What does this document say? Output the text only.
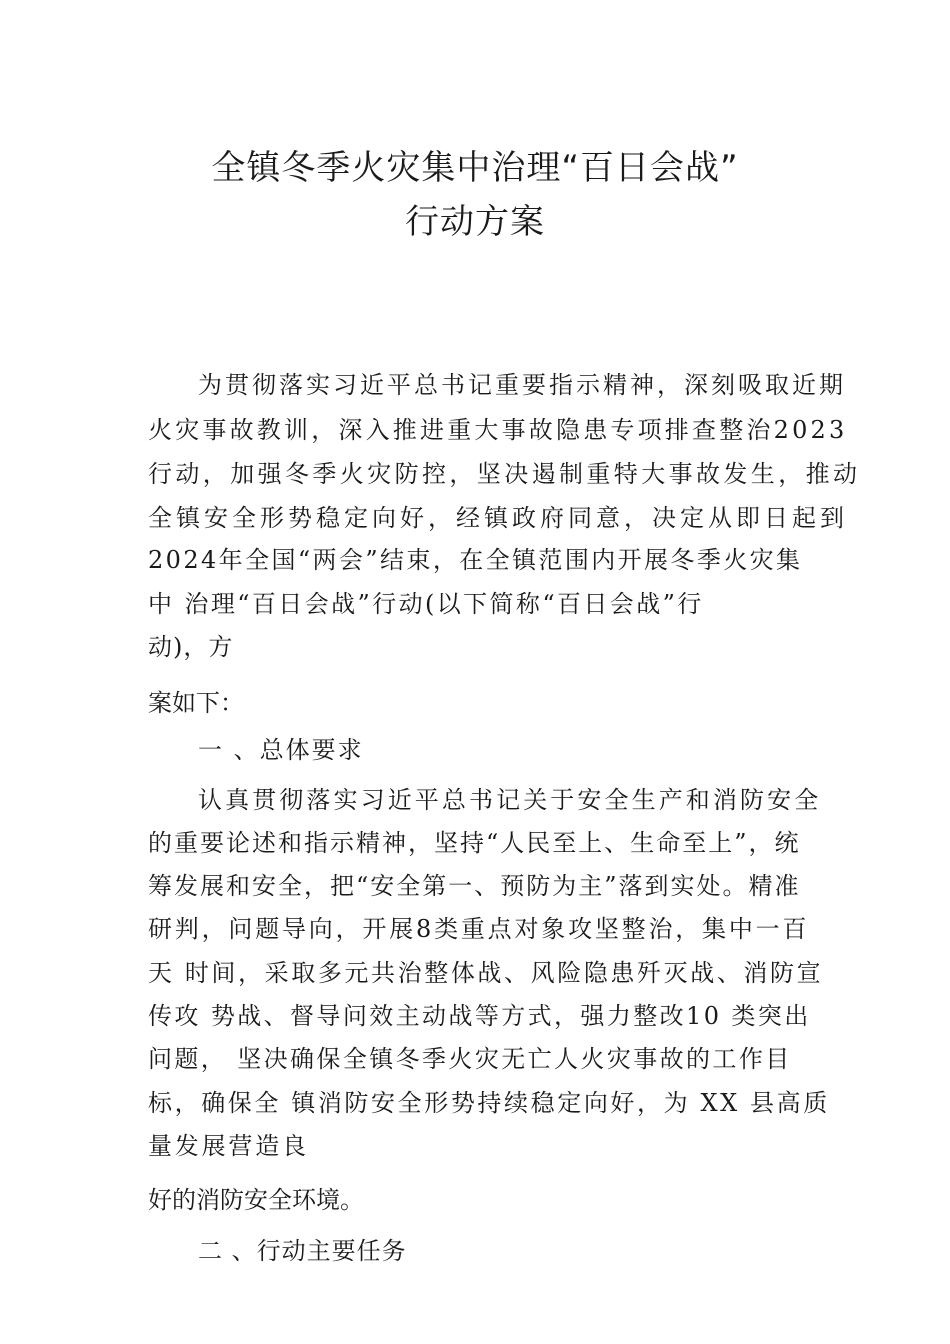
全镇冬季火灾集中治理“百日会战”
行动方案

为贯彻落实习近平总书记重要指示精神，深刻吸取近期

火灾事故教训，深入推进重大事故隐患专项排查整治2023

行动，加强冬季火灾防控，坚决遏制重特大事故发生，推动

全镇安全形势稳定向好，经镇政府同意，决定从即日起到

2024年全国“两会”结束，在全镇范围内开展冬季火灾集

中 治理“百日会战”行动(以下简称“百日会战”行

动)，方

案如下：

一 、总体要求

认真贯彻落实习近平总书记关于安全生产和消防安全

的重要论述和指示精神，坚持“人民至上、生命至上”，统

筹发展和安全，把“安全第一、预防为主”落到实处。精准

研判，问题导向，开展8类重点对象攻坚整治，集中一百

天 时间，采取多元共治整体战、风险隐患歼灭战、消防宣

传攻 势战、督导问效主动战等方式，强力整改10 类突出

问题， 坚决确保全镇冬季火灾无亡人火灾事故的工作目

标，确保全 镇消防安全形势持续稳定向好，为 XX 县高质

量发展营造良

好的消防安全环境。

二 、行动主要任务
